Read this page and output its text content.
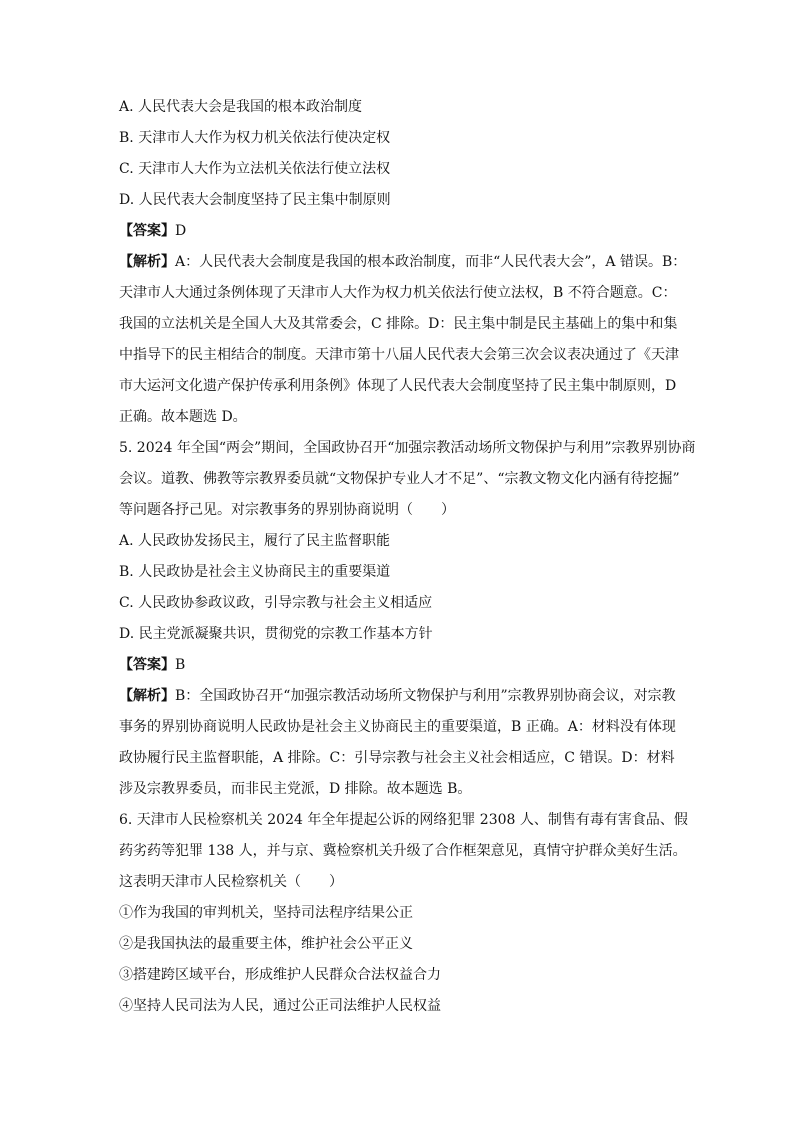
A. 人民代表大会是我国的根本政治制度

B. 天津市人大作为权力机关依法行使决定权

C. 天津市人大作为立法机关依法行使立法权

D. 人民代表大会制度坚持了民主集中制原则

【答案】D

【解析】A：人民代表大会制度是我国的根本政治制度，而非“人民代表大会”，A 错误。B：

天津市人大通过条例体现了天津市人大作为权力机关依法行使立法权，B 不符合题意。C：

我国的立法机关是全国人大及其常委会，C 排除。D：民主集中制是民主基础上的集中和集

中指导下的民主相结合的制度。天津市第十八届人民代表大会第三次会议表决通过了《天津

市大运河文化遗产保护传承利用条例》体现了人民代表大会制度坚持了民主集中制原则，D

正确。故本题选 D。

5. 2024 年全国“两会”期间，全国政协召开“加强宗教活动场所文物保护与利用”宗教界别协商

会议。道教、佛教等宗教界委员就“文物保护专业人才不足”、“宗教文物文化内涵有待挖掘”

等问题各抒己见。对宗教事务的界别协商说明（　　）

A. 人民政协发扬民主，履行了民主监督职能

B. 人民政协是社会主义协商民主的重要渠道

C. 人民政协参政议政，引导宗教与社会主义相适应

D. 民主党派凝聚共识，贯彻党的宗教工作基本方针

【答案】B

【解析】B：全国政协召开“加强宗教活动场所文物保护与利用”宗教界别协商会议，对宗教

事务的界别协商说明人民政协是社会主义协商民主的重要渠道，B 正确。A：材料没有体现

政协履行民主监督职能，A 排除。C：引导宗教与社会主义社会相适应，C 错误。D：材料

涉及宗教界委员，而非民主党派，D 排除。故本题选 B。

6. 天津市人民检察机关 2024 年全年提起公诉的网络犯罪 2308 人、制售有毒有害食品、假

药劣药等犯罪 138 人，并与京、冀检察机关升级了合作框架意见，真情守护群众美好生活。

这表明天津市人民检察机关（　　）

①作为我国的审判机关，坚持司法程序结果公正

②是我国执法的最重要主体，维护社会公平正义

③搭建跨区域平台，形成维护人民群众合法权益合力

④坚持人民司法为人民，通过公正司法维护人民权益
